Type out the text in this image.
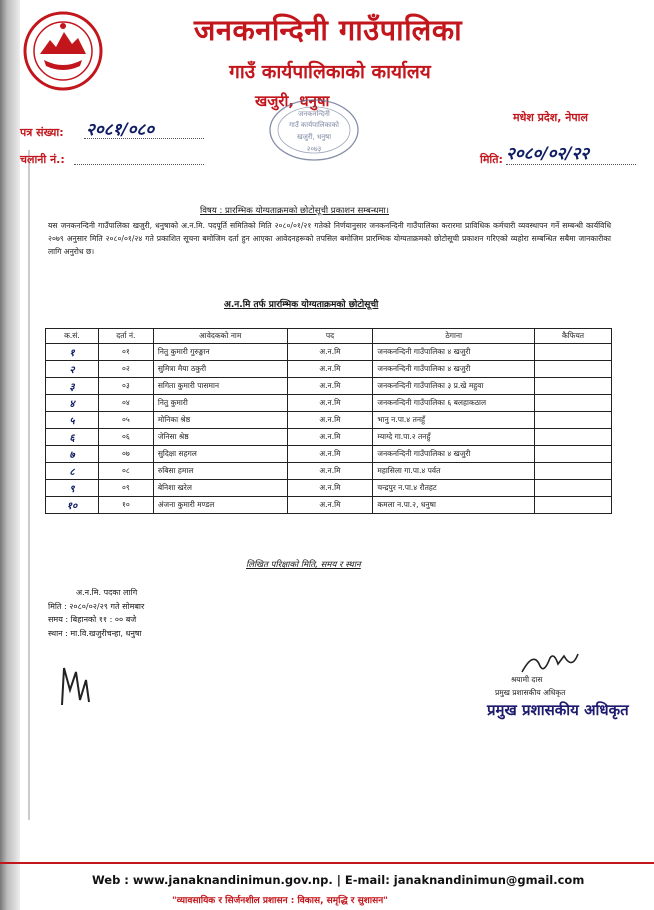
जनकनन्दिनी गाउँपालिका
गाउँ कार्यपालिकाको कार्यालय
खजुरी, धनुषा
मधेश प्रदेश, नेपाल
जनकनन्दिनी
गाउँ कार्यपालिकाको
खजुरी, धनुषा
२०७३
पत्र संख्या: २०८१/०८०
चलानी नं.:	मिति: २०८०/०२/२२
विषय : प्रारम्भिक योग्यताक्रमको छोटोसूची प्रकाशन सम्बन्धमा।
यस जनकनन्दिनी गाउँपालिका खजुरी, धनुषाको अ.न.मि. पदपूर्ति समितिको मिति २०८०/०१/२१ गतेको निर्णयानुसार जनकनन्दिनी गाउँपालिका करारमा प्राविधिक कर्मचारी व्यवस्थापन गर्ने सम्बन्धी कार्यविधि २०७९ अनुसार मिति २०८०/०१/२४ गते प्रकाशित सूचना बमोजिम दर्ता हुन आएका आवेदनहरूको तपसिल बमोजिम प्रारम्भिक योग्यताक्रमको छोटोसूची प्रकाशन गरिएको व्यहोरा सम्बन्धित सबैमा जानकारीका लागि अनुरोध छ।
अ.न.मि तर्फ प्रारम्भिक योग्यताक्रमको छोटोसूची
क.सं.	दर्ता नं.	आवेदकको नाम	पद	ठेगाना	कैफियत
१	०१	नितु कुमारी गुरुङ्खान	अ.न.मि	जनकनन्दिनी गाउँपालिका ४ खजुरी	
२	०२	सुमित्रा मैया ठकुरी	अ.न.मि	जनकनन्दिनी गाउँपालिका ४ खजुरी	
३	०३	सगिता कुमारी पासमान	अ.न.मि	जनकनन्दिनी गाउँपालिका ३ प्र.खे महुवा	
४	०४	नितु कुमारी	अ.न.मि	जनकनन्दिनी गाउँपालिका ६ बलहाकठाल	
५	०५	मोनिका श्रेष्ठ	अ.न.मि	भानु न.पा.४ तनहुँ	
६	०६	जेनिसा श्रेष्ठ	अ.न.मि	म्याग्दे गा.पा.२ तनहुँ	
७	०७	सुदिक्षा सहगल	अ.न.मि	जनकनन्दिनी गाउँपालिका ४ खजुरी	
८	०८	रुबिसा हमाल	अ.न.मि	महासिला गा.पा.४ पर्वत	
९	०९	बेनिशा खरेल	अ.न.मि	चन्द्रपुर न.पा.४ रौतहट	
१०	१०	अंजना कुमारी मण्डल	अ.न.मि	कमला न.पा.२, धनुषा	
लिखित परिक्षाको मिति, समय र स्थान
अ.न.मि. पदका लागि
मिति : २०८०/०२/२९ गते सोमबार
समय : बिहानको ११ : ०० बजे
स्थान : मा.वि.खजुरीचन्हा, धनुषा
श्रयामी दास
प्रमुख प्रशासकीय अधिकृत
प्रमुख प्रशासकीय अधिकृत
Web : www.janaknandinimun.gov.np. | E-mail: janaknandinimun@gmail.com
"व्यावसायिक र सिर्जनशील प्रशासन : विकास, समृद्धि र सुशासन"
